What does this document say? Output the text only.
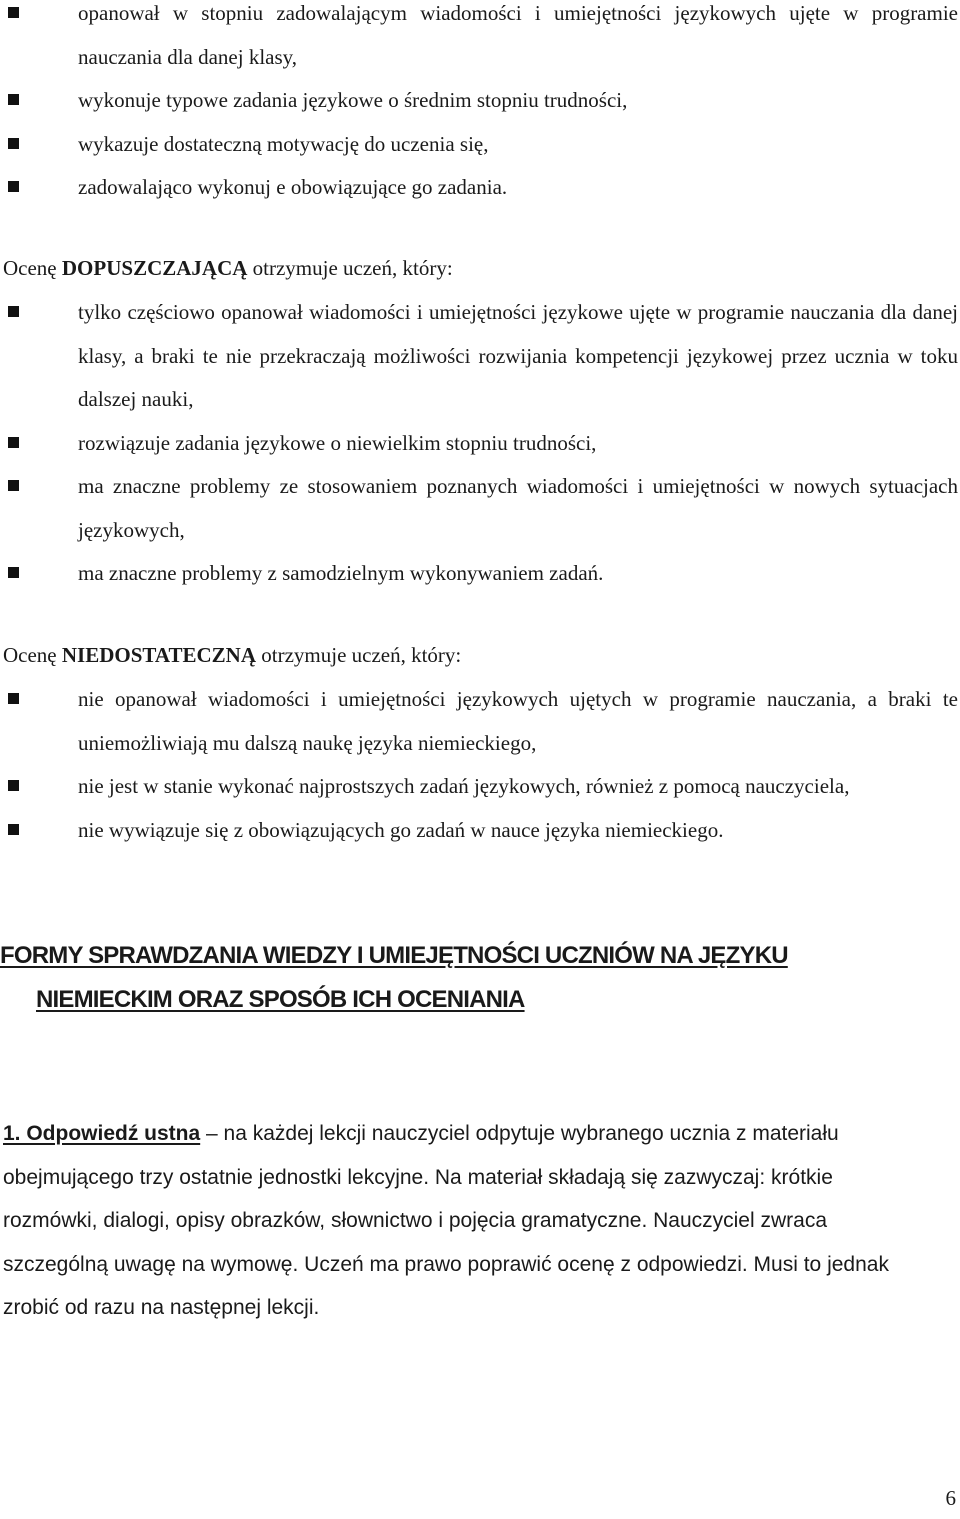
opanował w stopniu zadowalającym wiadomości i umiejętności językowych ujęte w programie nauczania dla danej klasy,
wykonuje typowe zadania językowe o średnim stopniu trudności,
wykazuje dostateczną motywację do uczenia się,
zadowalająco wykonuj e obowiązujące go zadania.

Ocenę DOPUSZCZAJĄCĄ otrzymuje uczeń, który:

tylko częściowo opanował wiadomości i umiejętności językowe ujęte w programie nauczania dla danej klasy, a braki te nie przekraczają możliwości rozwijania kompetencji językowej przez ucznia w toku dalszej nauki,
rozwiązuje zadania językowe o niewielkim stopniu trudności,
ma znaczne problemy ze stosowaniem poznanych wiadomości i umiejętności w nowych sytuacjach językowych,
ma znaczne problemy z samodzielnym wykonywaniem zadań.

Ocenę NIEDOSTATECZNĄ otrzymuje uczeń, który:

nie opanował wiadomości i umiejętności językowych ujętych w programie nauczania, a braki te uniemożliwiają mu dalszą naukę języka niemieckiego,
nie jest w stanie wykonać najprostszych zadań językowych, również z pomocą nauczyciela,
nie wywiązuje się z obowiązujących go zadań w nauce języka niemieckiego.
FORMY SPRAWDZANIA WIEDZY I UMIEJĘTNOŚCI UCZNIÓW NA JĘZYKU
NIEMIECKIM ORAZ SPOSÓB ICH OCENIANIA

1. Odpowiedź ustna – na każdej lekcji nauczyciel odpytuje wybranego ucznia z materiału obejmującego trzy ostatnie jednostki lekcyjne. Na materiał składają się zazwyczaj: krótkie rozmówki, dialogi, opisy obrazków, słownictwo i pojęcia gramatyczne. Nauczyciel zwraca szczególną uwagę na wymowę. Uczeń ma prawo poprawić ocenę z odpowiedzi. Musi to jednak zrobić od razu na następnej lekcji.

6
